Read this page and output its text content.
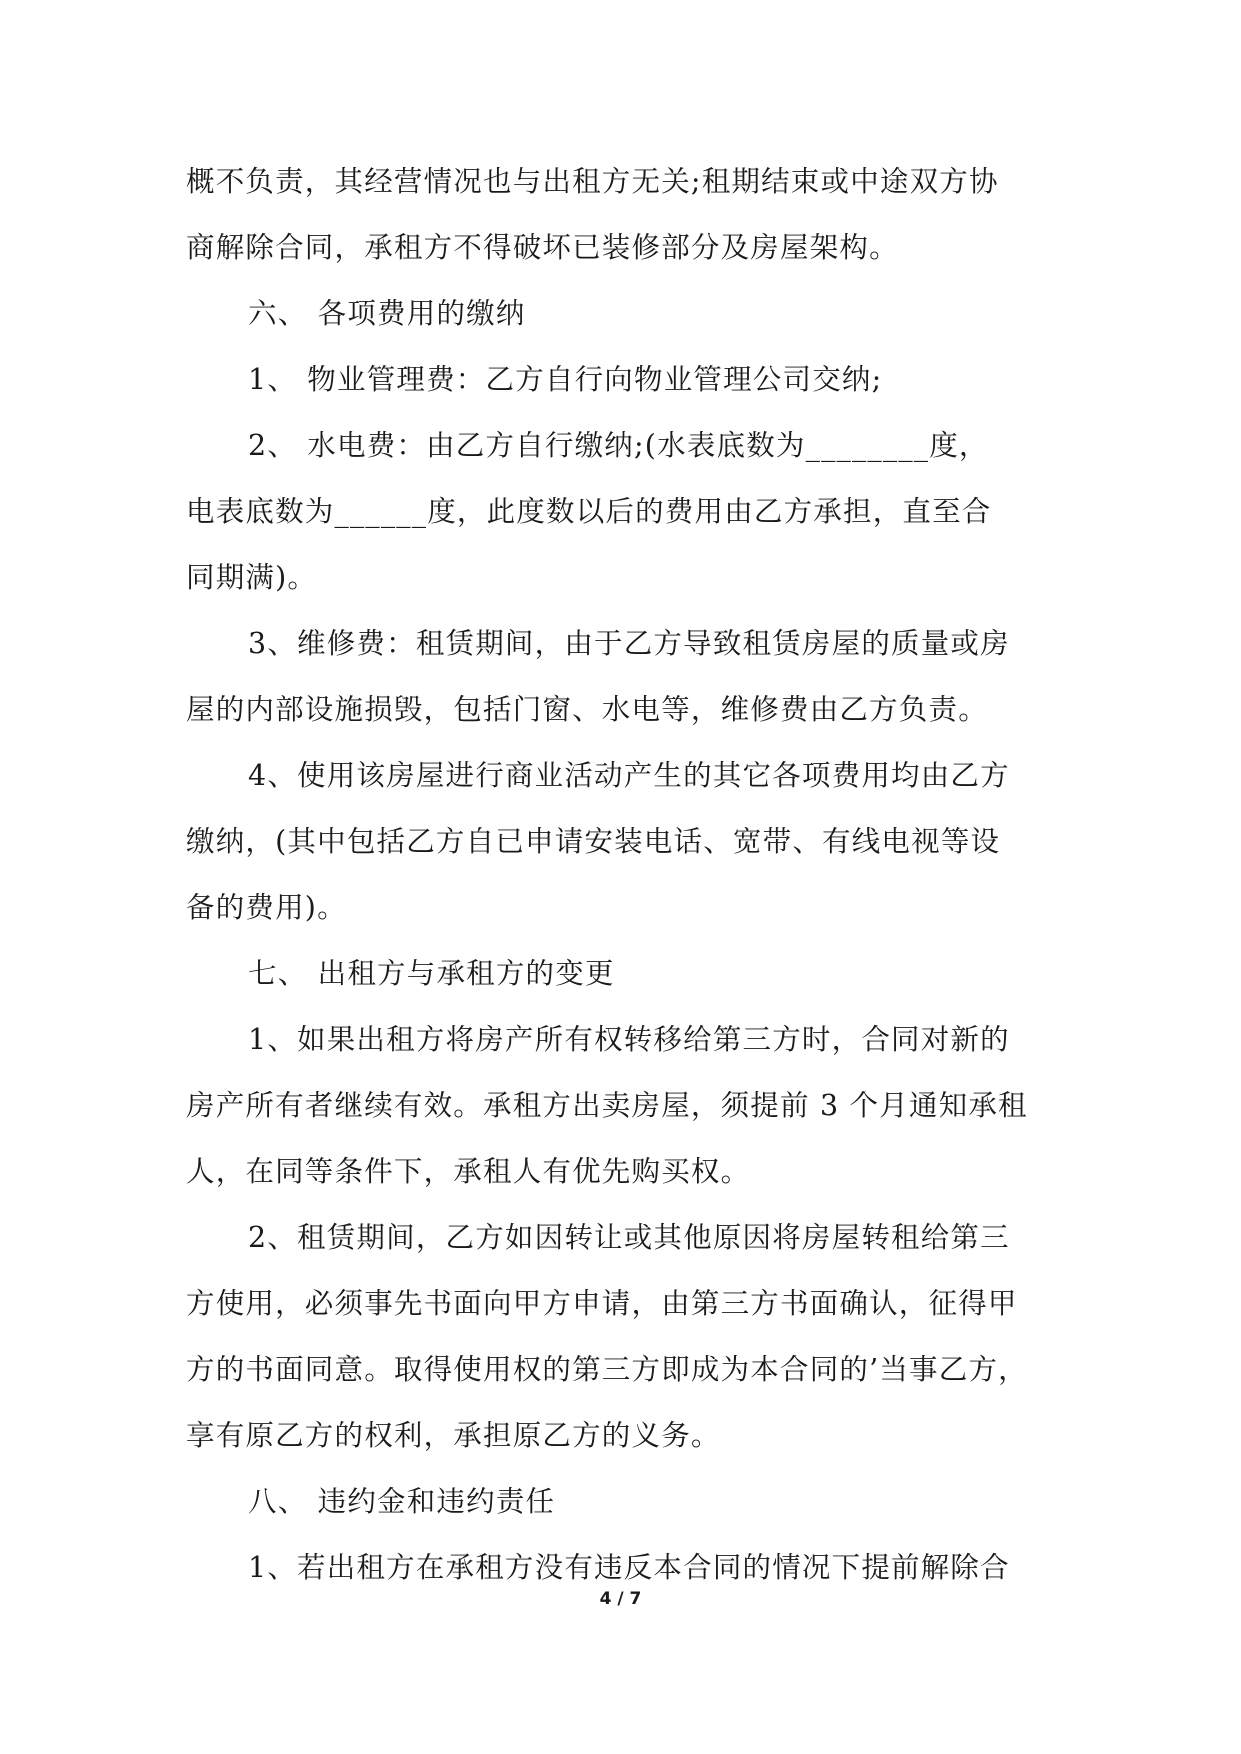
概不负责，其经营情况也与出租方无关;租期结束或中途双方协
商解除合同，承租方不得破坏已装修部分及房屋架构。
六、 各项费用的缴纳
1、 物业管理费：乙方自行向物业管理公司交纳;
2、 水电费：由乙方自行缴纳;(水表底数为________度，
电表底数为______度，此度数以后的费用由乙方承担，直至合
同期满)。
3、维修费：租赁期间，由于乙方导致租赁房屋的质量或房
屋的内部设施损毁，包括门窗、水电等，维修费由乙方负责。
4、使用该房屋进行商业活动产生的其它各项费用均由乙方
缴纳，(其中包括乙方自已申请安装电话、宽带、有线电视等设
备的费用)。
七、 出租方与承租方的变更
1、如果出租方将房产所有权转移给第三方时，合同对新的
房产所有者继续有效。承租方出卖房屋，须提前 3 个月通知承租
人，在同等条件下，承租人有优先购买权。
2、租赁期间，乙方如因转让或其他原因将房屋转租给第三
方使用，必须事先书面向甲方申请，由第三方书面确认，征得甲
方的书面同意。取得使用权的第三方即成为本合同的’当事乙方，
享有原乙方的权利，承担原乙方的义务。
八、 违约金和违约责任
1、若出租方在承租方没有违反本合同的情况下提前解除合
4 / 7
